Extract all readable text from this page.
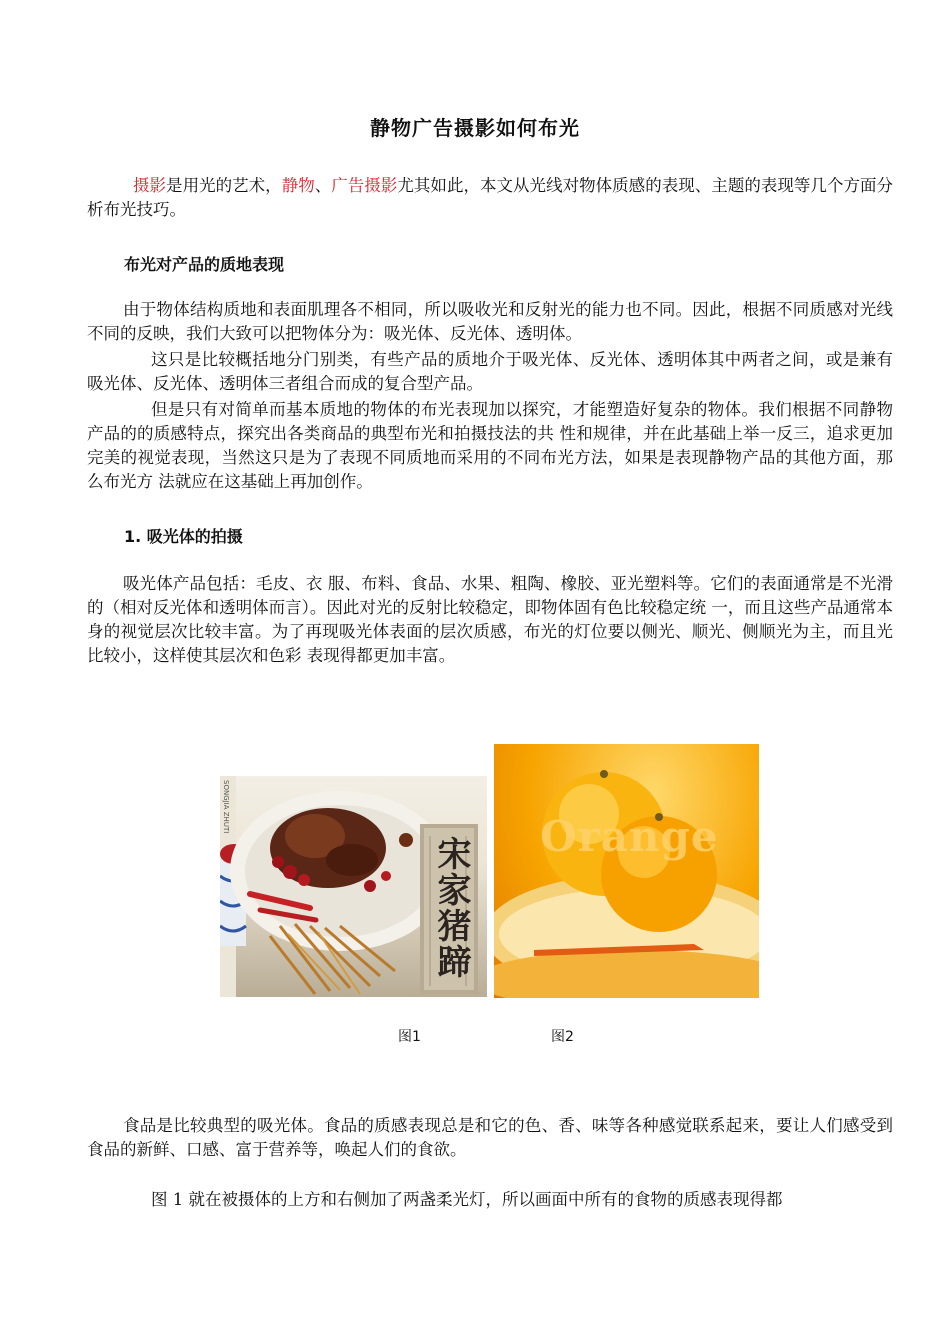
静物广告摄影如何布光
摄影是用光的艺术，静物、广告摄影尤其如此，本文从光线对物体质感的表现、主题的表现等几个方面分析布光技巧。
布光对产品的质地表现
由于物体结构质地和表面肌理各不相同，所以吸收光和反射光的能力也不同。因此，根据不同质感对光线不同的反映，我们大致可以把物体分为：吸光体、反光体、透明体。
这只是比较概括地分门别类，有些产品的质地介于吸光体、反光体、透明体其中两者之间，或是兼有吸光体、反光体、透明体三者组合而成的复合型产品。
但是只有对简单而基本质地的物体的布光表现加以探究，才能塑造好复杂的物体。我们根据不同静物产品的的质感特点，探究出各类商品的典型布光和拍摄技法的共 性和规律，并在此基础上举一反三，追求更加完美的视觉表现，当然这只是为了表现不同质地而采用的不同布光方法，如果是表现静物产品的其他方面，那么布光方 法就应在这基础上再加创作。
1. 吸光体的拍摄
吸光体产品包括：毛皮、衣 服、布料、食品、水果、粗陶、橡胶、亚光塑料等。它们的表面通常是不光滑的（相对反光体和透明体而言）。因此对光的反射比较稳定，即物体固有色比较稳定统 一，而且这些产品通常本身的视觉层次比较丰富。为了再现吸光体表面的层次质感，布光的灯位要以侧光、顺光、侧顺光为主，而且光比较小，这样使其层次和色彩 表现得都更加丰富。
宋家猪蹄
SONGJIA ZHUTI
Orange
图1	图2
食品是比较典型的吸光体。食品的质感表现总是和它的色、香、味等各种感觉联系起来，要让人们感受到食品的新鲜、口感、富于营养等，唤起人们的食欲。
图 1 就在被摄体的上方和右侧加了两盏柔光灯，所以画面中所有的食物的质感表现得都
